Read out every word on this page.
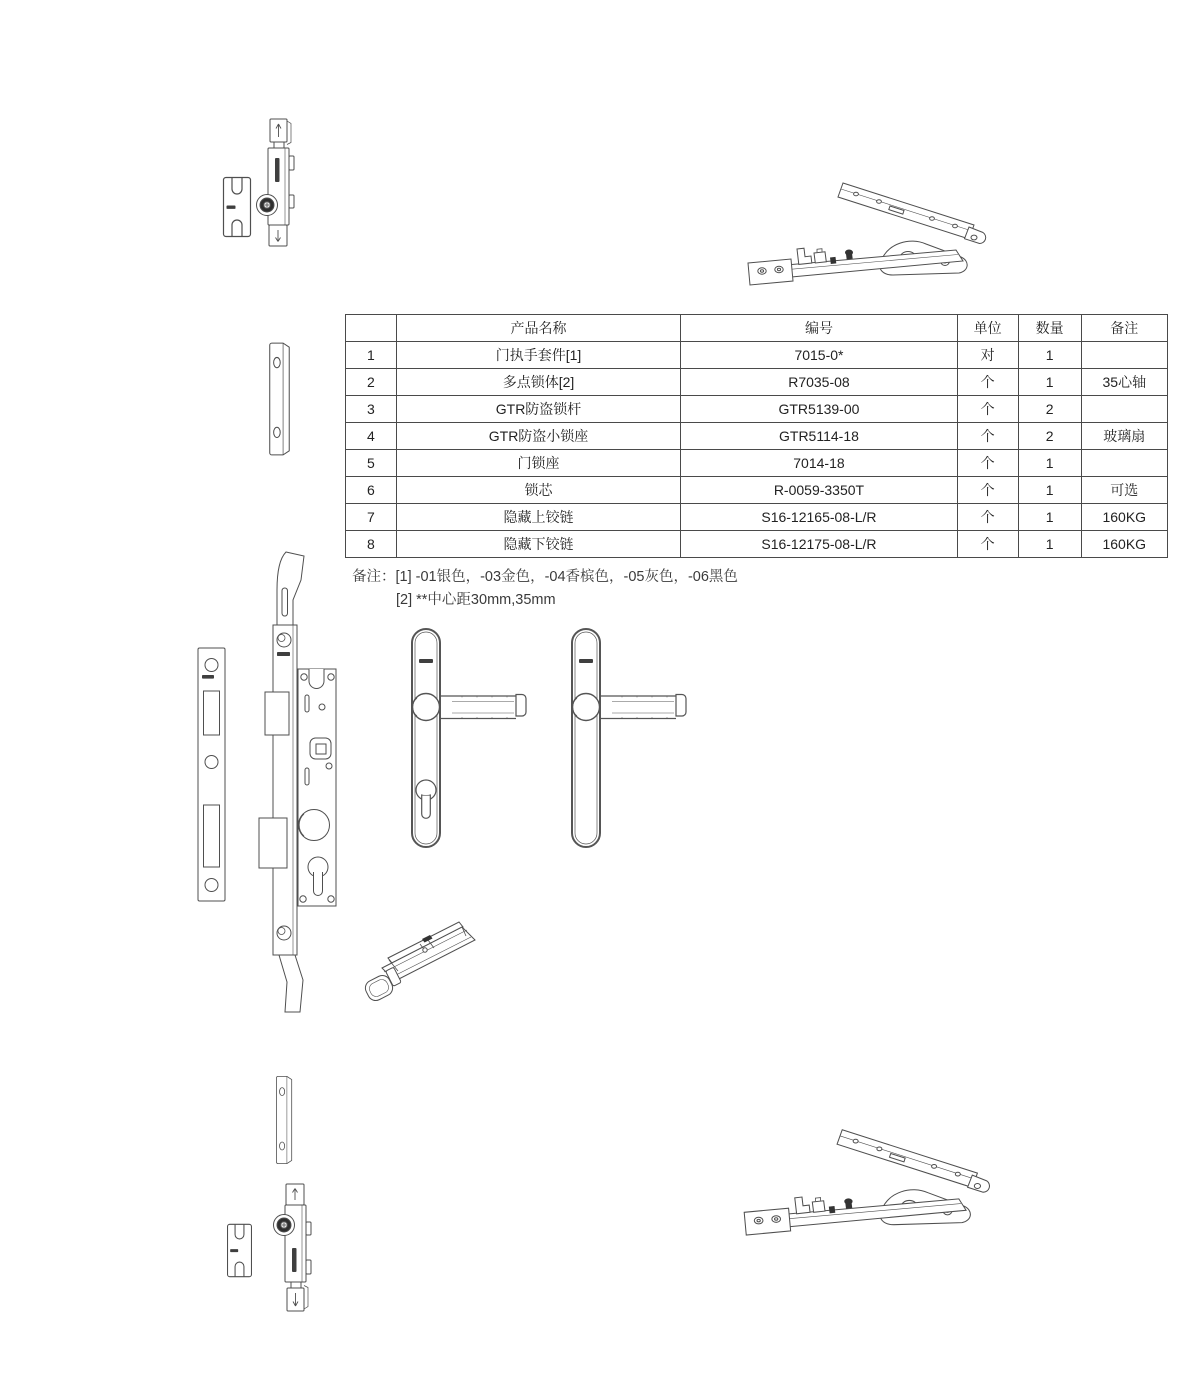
	产品名称	编号	单位	数量	备注
1	门执手套件[1]	7015-0*	对	1	
2	多点锁体[2]	R7035-08	个	1	35心轴
3	GTR防盗锁杆	GTR5139-00	个	2	
4	GTR防盗小锁座	GTR5114-18	个	2	玻璃扇
5	门锁座	7014-18	个	1	
6	锁芯	R-0059-3350T	个	1	可选
7	隐藏上铰链	S16-12165-08-L/R	个	1	160KG
8	隐藏下铰链	S16-12175-08-L/R	个	1	160KG
备注： [1] -01银色，-03金色，-04香槟色，-05灰色，-06黑色
[2] **中心距30mm,35mm
